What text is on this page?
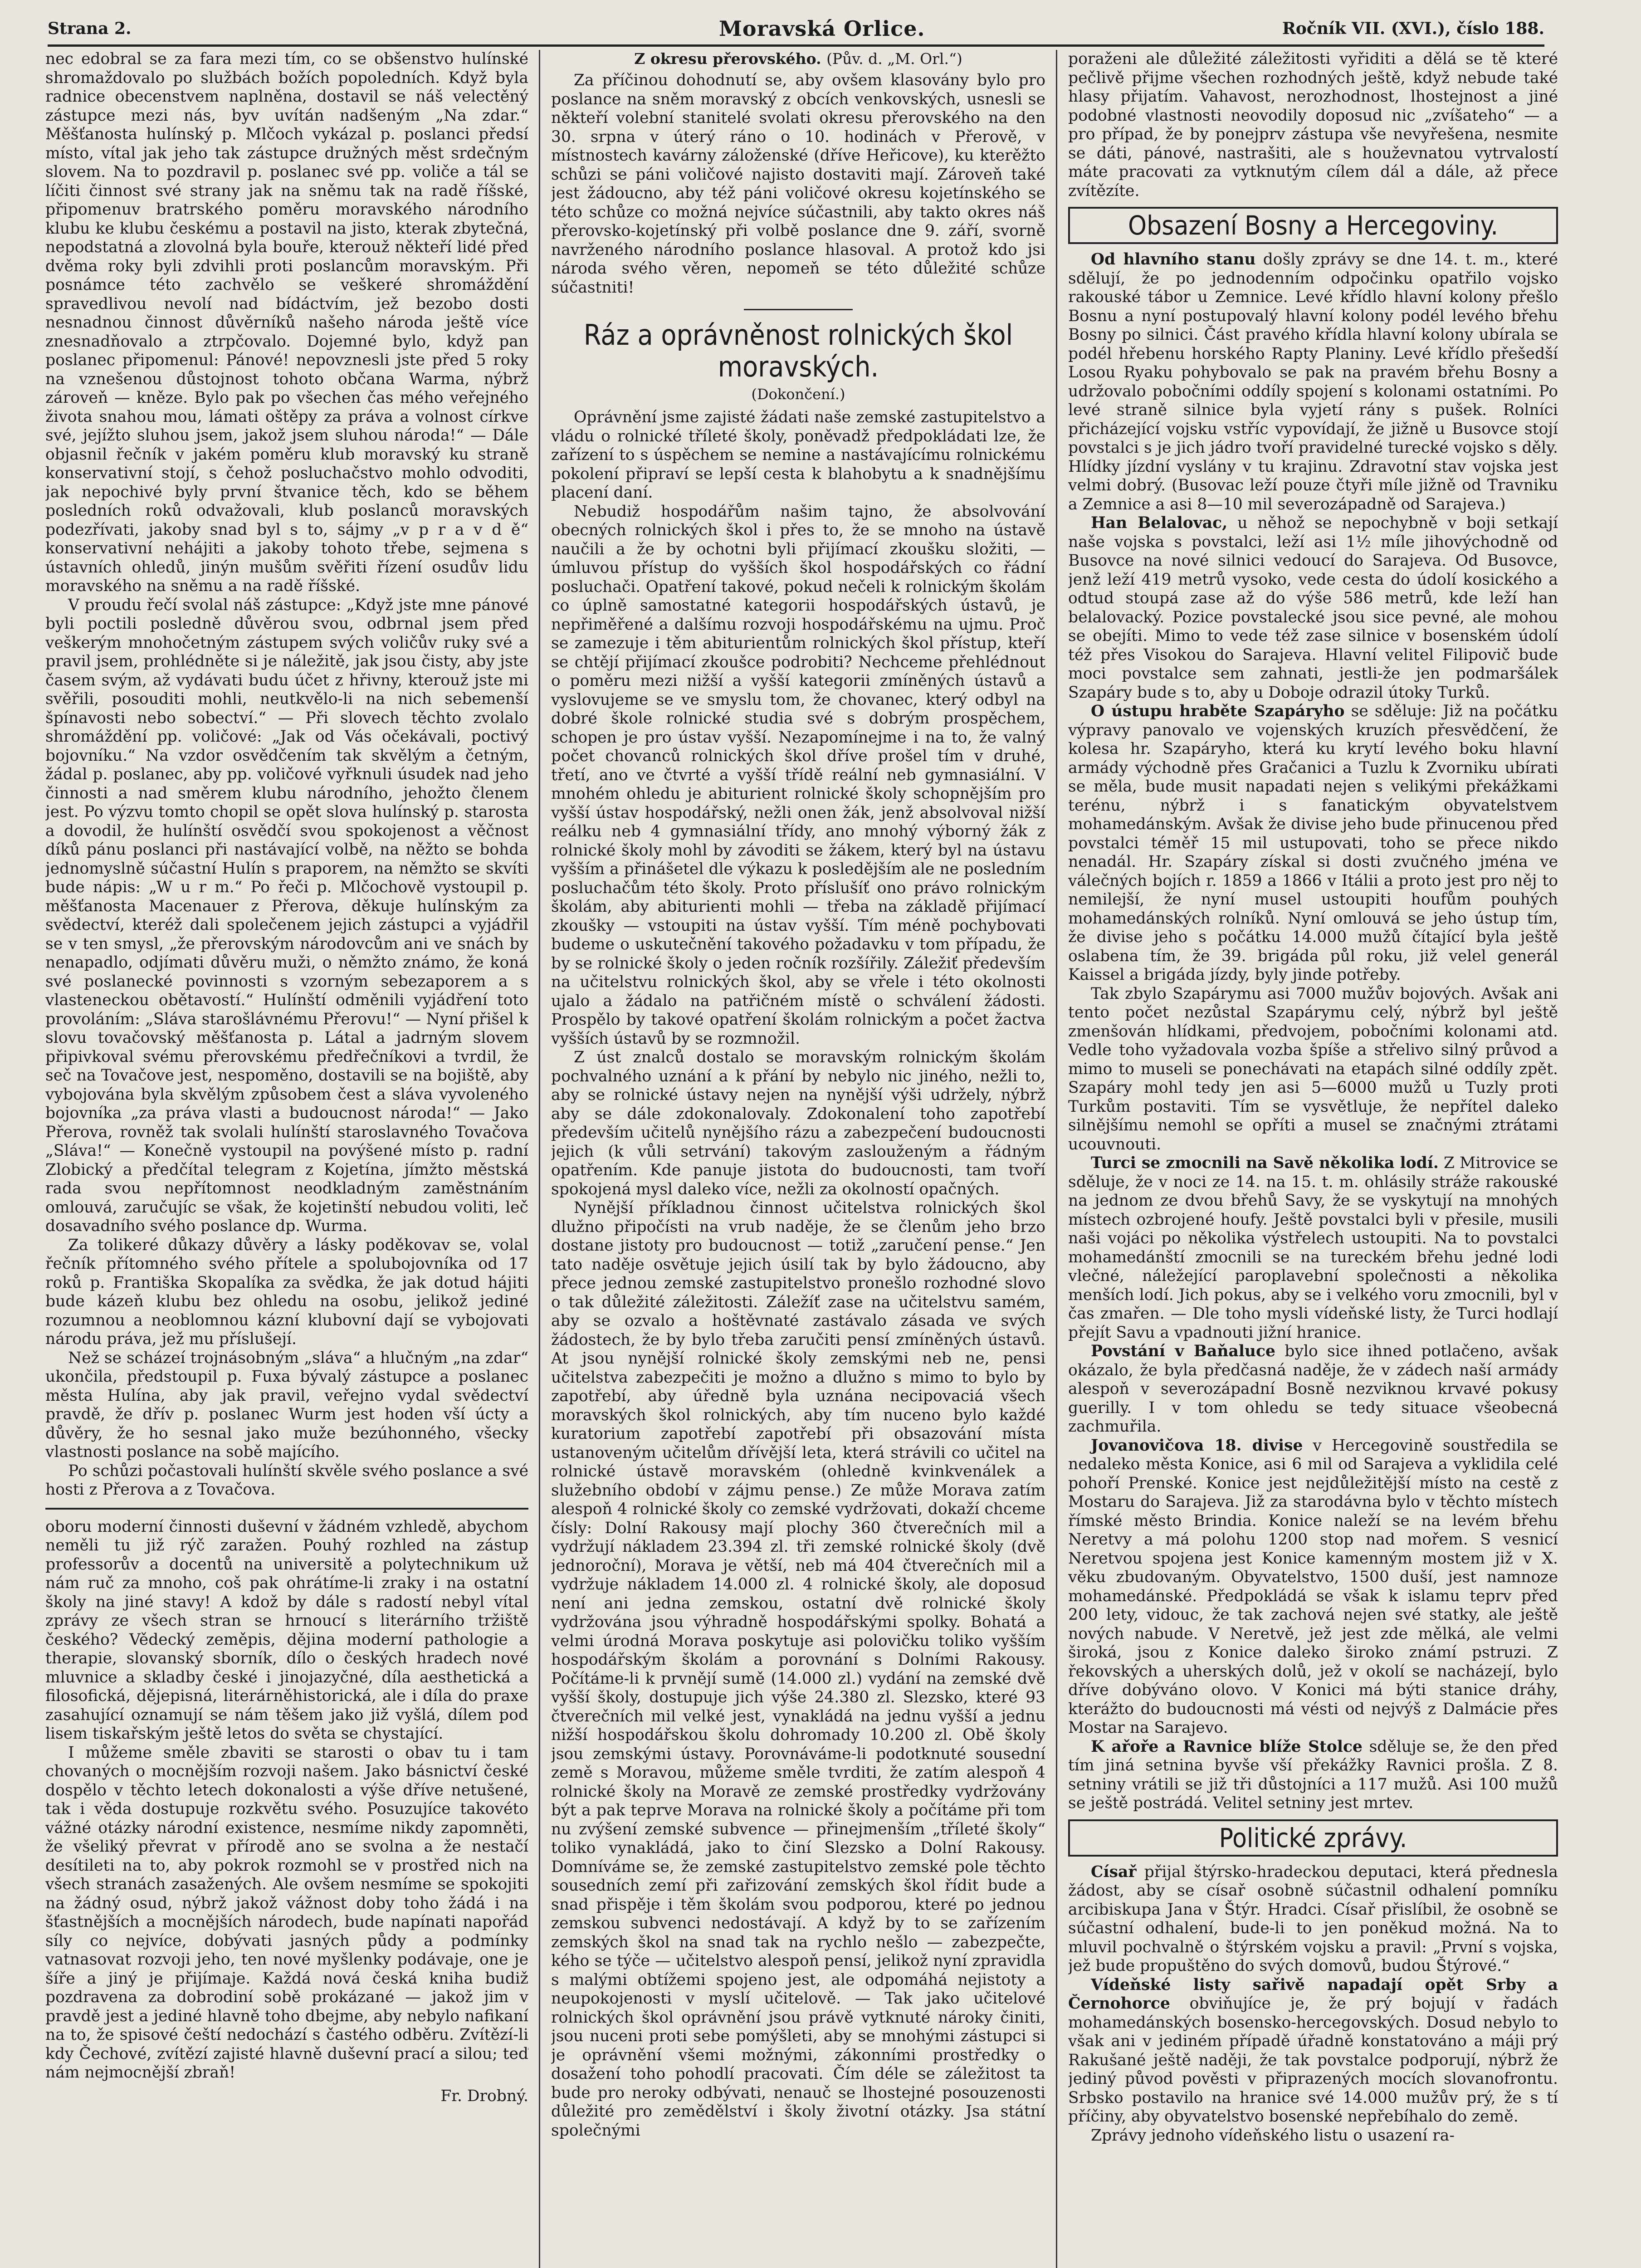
Strana 2.	Moravská Orlice.	Ročník VII. (XVI.), číslo 188.

nec edobral se za fara mezi tím, co se obšenstvo hulínské shromaždovalo po službách božích popoledních. Když byla radnice obecenstvem naplněna, dostavil se náš velectěný zástupce mezi nás, byv uvítán nadšeným „Na zdar.“ Měšťanosta hulínský p. Mlčoch vykázal p. poslanci předsí místo, vítal jak jeho tak zástupce družných měst srdečným slovem. Na to pozdravil p. poslanec své pp. voliče a tál se líčiti činnost své strany jak na sněmu tak na radě říšské, připomenuv bratrského poměru moravského národního klubu ke klubu českému a postavil na jisto, kterak zbytečná, nepodstatná a zlovolná byla bouře, kterouž někteří lidé před dvěma roky byli zdvihli proti poslancům moravským. Při posnámce této zachvělo se veškeré shromáždění spravedlivou nevolí nad bídáctvím, jež bezobo dosti nesnadnou činnost důvěrníků našeho národa ještě více znesnadňovalo a ztrpčovalo. Dojemné bylo, když pan poslanec připomenul: Pánové! nepovznesli jste před 5 roky na vznešenou důstojnost tohoto občana Warma, nýbrž zároveň — kněze. Bylo pak po všechen čas mého veřejného života snahou mou, lámati oštěpy za práva a volnost církve své, jejížto sluhou jsem, jakož jsem sluhou národa!“ — Dále objasnil řečník v jakém poměru klub moravský ku straně konservativní stojí, s čehož posluchačstvo mohlo odvoditi, jak nepochivé byly první štvanice těch, kdo se během posledních roků odvažovali, klub poslanců moravských podezřívati, jakoby snad byl s to, sájmy „v p r a v d ě“ konservativní nehájiti a jakoby tohoto třebe, sejmena s ústavních ohledů, jinýn mušům svěřiti řízení osudův lidu moravského na sněmu a na radě říšské.

V proudu řečí svolal náš zástupce: „Když jste mne pánové byli poctili posledně důvěrou svou, odbrnal jsem před veškerým mnohočetným zástupem svých voličův ruky své a pravil jsem, prohlédněte si je náležitě, jak jsou čisty, aby jste časem svým, až vydávati budu účet z hřivny, kterouž jste mi svěřili, posouditi mohli, neutkvělo-li na nich sebemenší špínavosti nebo sobectví.“ — Při slovech těchto zvolalo shromáždění pp. voličové: „Jak od Vás očekávali, poctivý bojovníku.“ Na vzdor osvědčením tak skvělým a četným, žádal p. poslanec, aby pp. voličové vyřknuli úsudek nad jeho činnosti a nad směrem klubu národního, jehožto členem jest. Po výzvu tomto chopil se opět slova hulínský p. starosta a dovodil, že hulínští osvědčí svou spokojenost a věčnost díků pánu poslanci při nastávající volbě, na něžto se bohda jednomyslně súčastní Hulín s praporem, na němžto se skvíti bude nápis: „W u r m.“ Po řeči p. Mlčochově vystoupil p. měšťanosta Macenauer z Přerova, děkuje hulínským za svědectví, kteréž dali společenem jejich zástupci a vyjádřil se v ten smysl, „že přerovským národovcům ani ve snách by nenapadlo, odjímati důvěru muži, o němžto známo, že koná své poslanecké povinnosti s vzorným sebezaporem a s vlasteneckou obětavostí.“ Hulínští odměnili vyjádření toto provoláním: „Sláva starošlávnému Přerovu!“ — Nyní přišel k slovu tovačovský měšťanosta p. Látal a jadrným slovem připivkoval svému přerovskému předřečníkovi a tvrdil, že seč na Tovačove jest, nespoměno, dostavili se na bojiště, aby vybojována byla skvělým způsobem čest a sláva vyvoleného bojovníka „za práva vlasti a budoucnost národa!“ — Jako Přerova, rovněž tak svolali hulínští staroslavného Tovačova „Sláva!“ — Konečně vystoupil na povýšené místo p. radní Zlobický a předčítal telegram z Kojetína, jímžto městská rada svou nepřítomnost neodkladným zaměstnáním omlouvá, zaručujíc se však, že kojetinští nebudou voliti, leč dosavadního svého poslance dp. Wurma.

Za tolikeré důkazy důvěry a lásky poděkovav se, volal řečník přítomného svého přítele a spolubojovníka od 17 roků p. Františka Skopalíka za svědka, že jak dotud hájiti bude kázeň klubu bez ohledu na osobu, jelikož jediné rozumnou a neoblomnou kázní klubovní dají se vybojovati národu práva, jež mu příslušejí.

Než se scházeí trojnásobným „sláva“ a hlučným „na zdar“ ukončila, předstoupil p. Fuxa bývalý zástupce a poslanec města Hulína, aby jak pravil, veřejno vydal svědectví pravdě, že dřív p. poslanec Wurm jest hoden vší úcty a důvěry, že ho sesnal jako muže bezúhonného, všecky vlastnosti poslance na sobě majícího.

Po schůzi počastovali hulínští skvěle svého poslance a své hosti z Přerova a z Tovačova.

oboru moderní činnosti duševní v žádném vzhledě, abychom neměli tu již rýč zaražen. Pouhý rozhled na zástup professorův a docentů na universitě a polytechnikum už nám ruč za mnoho, coš pak ohrátíme-li zraky i na ostatní školy na jiné stavy! A kdož by dále s radostí nebyl vítal zprávy ze všech stran se hrnoucí s literárního tržiště českého? Vědecký zeměpis, dějina moderní pathologie a therapie, slovanský sborník, dílo o českých hradech nové mluvnice a skladby české i jinojazyčné, díla aesthetická a filosofická, dějepisná, literárněhistorická, ale i díla do praxe zasahující oznamují se nám těšem jako již vyšlá, dílem pod lisem tiskařským ještě letos do světa se chystající.

I můžeme směle zbaviti se starosti o obav tu i tam chovaných o mocnějším rozvoji našem. Jako básnictví české dospělo v těchto letech dokonalosti a výše dříve netušené, tak i věda dostupuje rozkvětu svého. Posuzujíce takovéto vážné otázky národní existence, nesmíme nikdy zapomněti, že všeliký převrat v přírodě ano se svolna a že nestačí desítileti na to, aby pokrok rozmohl se v prostřed nich na všech stranách zasažených. Ale ovšem nesmíme se spokojiti na žádný osud, nýbrž jakož vážnost doby toho žádá i na šťastnějších a mocnějších národech, bude napínati napořád síly co nejvíce, dobývati jasných půdy a podmínky vatnasovat rozvoji jeho, ten nové myšlenky podávaje, one je šíře a jiný je přijímaje. Každá nová česká kniha budiž pozdravena za dobrodiní sobě prokázané — jakož jim v pravdě jest a jediné hlavně toho dbejme, aby nebylo nafikaní na to, že spisové čeští nedochází s častého odběru. Zvítězí-li kdy Čechové, zvítězí zajisté hlavně duševní prací a silou; teď nám nejmocnější zbraň!

Fr. Drobný.
Z okresu přerovského. (Pův. d. „M. Orl.“)

Za příčinou dohodnutí se, aby ovšem klasovány bylo pro poslance na sněm moravský z obcích venkovských, usnesli se někteří volební stanitelé svolati okresu přerovského na den 30. srpna v úterý ráno o 10. hodinách v Přerově, v místnostech kavárny záloženské (dříve Heřicove), ku kterěžto schůzi se páni voličové najisto dostaviti mají. Zároveň také jest žádoucno, aby též páni voličové okresu kojetínského se této schůze co možná nejvíce súčastnili, aby takto okres náš přerovsko-kojetínský při volbě poslance dne 9. září, svorně navrženého národního poslance hlasoval. A protož kdo jsi národa svého věren, nepomeň se této důležité schůze súčastniti!

Ráz a oprávněnost rolnických škol moravských.
(Dokončení.)

Oprávnění jsme zajisté žádati naše zemské zastupitelstvo a vládu o rolnické tříleté školy, poněvadž předpokládati lze, že zařízení to s úspěchem se nemine a nastávajícímu rolnickému pokolení připraví se lepší cesta k blahobytu a k snadnějšímu placení daní.

Nebudiž hospodářům našim tajno, že absolvování obecných rolnických škol i přes to, že se mnoho na ústavě naučili a že by ochotni byli přijímací zkoušku složiti, — úmluvou přístup do vyšších škol hospodářských co řádní posluchači. Opatření takové, pokud nečeli k rolnickým školám co úplně samostatné kategorii hospodářských ústavů, je nepřiměřené a dalšímu rozvoji hospodářskému na ujmu. Proč se zamezuje i těm abiturientům rolnických škol přístup, kteří se chtějí přijímací zkoušce podrobiti? Nechceme přehlédnout o poměru mezi nižší a vyšší kategorii zmíněných ústavů a vyslovujeme se ve smyslu tom, že chovanec, který odbyl na dobré škole rolnické studia své s dobrým prospěchem, schopen je pro ústav vyšší. Nezapomínejme i na to, že valný počet chovanců rolnických škol dříve prošel tím v druhé, třetí, ano ve čtvrté a vyšší třídě reální neb gymnasiální. V mnohém ohledu je abiturient rolnické školy schopnějším pro vyšší ústav hospodářský, nežli onen žák, jenž absolvoval nižší reálku neb 4 gymnasiální třídy, ano mnohý výborný žák z rolnické školy mohl by závoditi se žákem, který byl na ústavu vyšším a přinášetel dle výkazu k posledějším ale ne posledním posluchačům této školy. Proto příslušíť ono právo rolnickým školám, aby abiturienti mohli — třeba na základě přijímací zkoušky — vstoupiti na ústav vyšší. Tím méně pochybovati budeme o uskutečnění takového požadavku v tom případu, že by se rolnické školy o jeden ročník rozšířily. Záležiť především na učitelstvu rolnických škol, aby se vřele i této okolnosti ujalo a žádalo na patřičném místě o schválení žádosti. Prospělo by takové opatření školám rolnickým a počet žactva vyšších ústavů by se rozmnožil.

Z úst znalců dostalo se moravským rolnickým školám pochvalného uznání a k přání by nebylo nic jiného, nežli to, aby se rolnické ústavy nejen na nynější výši udržely, nýbrž aby se dále zdokonalovaly. Zdokonalení toho zapotřebí především učitelů nynějšího rázu a zabezpečení budoucnosti jejich (k vůli setrvání) takovým zaslouženým a řádným opatřením. Kde panuje jistota do budoucnosti, tam tvoří spokojená mysl daleko více, nežli za okolností opačných.

Nynější příkladnou činnost učitelstva rolnických škol dlužno připočísti na vrub naděje, že se členům jeho brzo dostane jistoty pro budoucnost — totiž „zaručení pense.“ Jen tato naděje osvětuje jejich úsilí tak by bylo žádoucno, aby přece jednou zemské zastupitelstvo pronešlo rozhodné slovo o tak důležité záležitosti. Záležíť zase na učitelstvu samém, aby se ozvalo a hoštěvnaté zastávalo zásada ve svých žádostech, že by bylo třeba zaručiti pensí zmíněných ústavů. At jsou nynější rolnické školy zemskými neb ne, pensi učitelstva zabezpečiti je možno a dlužno s mimo to bylo by zapotřebí, aby úředně byla uznána necipovaciá všech moravských škol rolnických, aby tím nuceno bylo každé kuratorium zapotřebí zapotřebí při obsazování místa ustanoveným učitelům dřívější leta, která strávili co učitel na rolnické ústavě moravském (ohledně kvinkvenálek a služebního období v zájmu pense.) Ze může Morava zatím alespoň 4 rolnické školy co zemské vydržovati, dokaží chceme čísly: Dolní Rakousy mají plochy 360 čtverečních mil a vydržují nákladem 23.394 zl. tři zemské rolnické školy (dvě jednoroční), Morava je větší, neb má 404 čtverečních mil a vydržuje nákladem 14.000 zl. 4 rolnické školy, ale doposud není ani jedna zemskou, ostatní dvě rolnické školy vydržována jsou výhradně hospodářskými spolky. Bohatá a velmi úrodná Morava poskytuje asi polovičku toliko vyšším hospodářským školám a porovnání s Dolními Rakousy. Počítáme-li k prvnějí sumě (14.000 zl.) vydání na zemské dvě vyšší školy, dostupuje jich výše 24.380 zl. Slezsko, které 93 čtverečních mil velké jest, vynakládá na jednu vyšší a jednu nižší hospodářskou školu dohromady 10.200 zl. Obě školy jsou zemskými ústavy. Porovnáváme-li podotknuté sousední země s Moravou, můžeme směle tvrditi, že zatím alespoň 4 rolnické školy na Moravě ze zemské prostředky vydržovány být a pak teprve Morava na rolnické školy a počítáme při tom nu zvýšení zemské subvence — přinejmenším „tříleté školy“ toliko vynakládá, jako to činí Slezsko a Dolní Rakousy. Domníváme se, že zemské zastupitelstvo zemské pole těchto sousedních zemí při zařizování zemských škol řídit bude a snad přispěje i těm školám svou podporou, které po jednou zemskou subvenci nedostávají. A když by to se zařízením zemských škol na snad tak na rychlo nešlo — zabezpečte, kého se týče — učitelstvo alespoň pensí, jelikož nyní zpravidla s malými obtížemi spojeno jest, ale odpomáhá nejistoty a neupokojenosti v myslí učitelově. — Tak jako učitelové rolnických škol oprávnění jsou právě vytknuté nároky činiti, jsou nuceni proti sebe pomýšleti, aby se mnohými zástupci si je oprávnění všemi možnými, zákonními prostředky o dosažení toho pohodlí pracovati. Čím déle se záležitost ta bude pro neroky odbývati, nenauč se lhostejné posouzenosti důležité pro zemědělství i školy životní otázky. Jsa státní společnými

poraženi ale důležité záležitosti vyřiditi a dělá se tě které pečlivě přijme všechen rozhodných ještě, když nebude také hlasy přijatím. Vahavost, nerozhodnost, lhostejnost a jiné podobné vlastnosti neovodily doposud nic „zvíšateho“ — a pro případ, že by ponejprv zástupa vše nevyřešena, nesmite se dáti, pánové, nastrašiti, ale s houževnatou vytrvalostí máte pracovati za vytknutým cílem dál a dále, až přece zvítězíte.

Obsazení Bosny a Hercegoviny.

Od hlavního stanu došly zprávy se dne 14. t. m., které sdělují, že po jednodenním odpočinku opatřilo vojsko rakouské tábor u Zemnice. Levé křídlo hlavní kolony přešlo Bosnu a nyní postupovalý hlavní kolony podél levého břehu Bosny po silnici. Část pravého křídla hlavní kolony ubírala se podél hřebenu horského Rapty Planiny. Levé křídlo přešedší Losou Ryaku pohybovalo se pak na pravém břehu Bosny a udržovalo pobočními oddíly spojení s kolonami ostatními. Po levé straně silnice byla vyjetí rány s pušek. Rolníci přicházející vojsku vstříc vypovídají, že jižně u Busovce stojí povstalci s je jich jádro tvoří pravidelné turecké vojsko s děly. Hlídky jízdní vyslány v tu krajinu. Zdravotní stav vojska jest velmi dobrý. (Busovac leží pouze čtyři míle jižně od Travniku a Zemnice a asi 8—10 mil severozápadně od Sarajeva.)

Han Belalovac, u něhož se nepochybně v boji setkají naše vojska s povstalci, leží asi 1½ míle jihovýchodně od Busovce na nové silnici vedoucí do Sarajeva. Od Busovce, jenž leží 419 metrů vysoko, vede cesta do údolí kosického a odtud stoupá zase až do výše 586 metrů, kde leží han belalovacký. Pozice povstalecké jsou sice pevné, ale mohou se obejíti. Mimo to vede též zase silnice v bosenském údolí též přes Visokou do Sarajeva. Hlavní velitel Filipovič bude moci povstalce sem zahnati, jestli-že jen podmaršálek Szapáry bude s to, aby u Doboje odrazil útoky Turků.

O ústupu hraběte Szapáryho se sděluje: Již na počátku výpravy panovalo ve vojenských kruzích přesvědčení, že kolesa hr. Szapáryho, která ku krytí levého boku hlavní armády východně přes Gračanici a Tuzlu k Zvorniku ubírati se měla, bude musit napadati nejen s velikými překážkami terénu, nýbrž i s fanatickým obyvatelstvem mohamedánským. Avšak že divise jeho bude přinucenou před povstalci téměř 15 mil ustupovati, toho se přece nikdo nenadál. Hr. Szapáry získal si dosti zvučného jména ve válečných bojích r. 1859 a 1866 v Itálii a proto jest pro něj to nemilejší, že nyní musel ustoupiti houfům pouhých mohamedánských rolníků. Nyní omlouvá se jeho ústup tím, že divise jeho s počátku 14.000 mužů čítající byla ještě oslabena tím, že 39. brigáda půl roku, již velel generál Kaissel a brigáda jízdy, byly jinde potřeby.

Tak zbylo Szapárymu asi 7000 mužův bojových. Avšak ani tento počet nezůstal Szapárymu celý, nýbrž byl ještě zmenšován hlídkami, předvojem, pobočními kolonami atd. Vedle toho vyžadovala vozba špíše a střelivo silný průvod a mimo to museli se ponechávati na etapách silné oddíly zpět. Szapáry mohl tedy jen asi 5—6000 mužů u Tuzly proti Turkům postaviti. Tím se vysvětluje, že nepřítel daleko silnějšímu nemohl se opříti a musel se značnými ztrátami ucouvnouti.

Turci se zmocnili na Savě několika lodí. Z Mitrovice se sděluje, že v noci ze 14. na 15. t. m. ohlásily stráže rakouské na jednom ze dvou břehů Savy, že se vyskytují na mnohých místech ozbrojené houfy. Ještě povstalci byli v přesile, musili naši vojáci po několika výstřelech ustoupiti. Na to povstalci mohamedánští zmocnili se na tureckém břehu jedné lodi vlečné, náležející paroplavební společnosti a několika menších lodí. Jich pokus, aby se i velkého voru zmocnili, byl v čas zmařen. — Dle toho mysli vídeňské listy, že Turci hodlají přejít Savu a vpadnouti jižní hranice.

Povstání v Baňaluce bylo sice ihned potlačeno, avšak okázalo, že byla předčasná naděje, že v zádech naší armády alespoň v severozápadní Bosně nezviknou krvavé pokusy guerilly. I v tom ohledu se tedy situace všeobecná zachmuřila.

Jovanovičova 18. divise v Hercegovině soustředila se nedaleko města Konice, asi 6 mil od Sarajeva a vyklidila celé pohoří Prenské. Konice jest nejdůležitější místo na cestě z Mostaru do Sarajeva. Již za starodávna bylo v těchto místech římské město Brindia. Konice naleží se na levém břehu Neretvy a má polohu 1200 stop nad mořem. S vesnicí Neretvou spojena jest Konice kamenným mostem již v X. věku zbudovaným. Obyvatelstvo, 1500 duší, jest namnoze mohamedánské. Předpokládá se však k islamu teprv před 200 lety, vidouc, že tak zachová nejen své statky, ale ještě nových nabude. V Neretvě, jež jest zde mělká, ale velmi široká, jsou z Konice daleko široko známí pstruzi. Z řekovských a uherských dolů, jež v okolí se nacházejí, bylo dříve dobýváno olovo. V Konici má býti stanice dráhy, kterážto do budoucnosti má vésti od nejvýš z Dalmácie přes Mostar na Sarajevo.

K ařoře a Ravnice blíže Stolce sděluje se, že den před tím jiná setnina byvše vší překážky Ravnici prošla. Z 8. setniny vrátili se již tři důstojníci a 117 mužů. Asi 100 mužů se ještě postrádá. Velitel setniny jest mrtev.

Politické zprávy.

Císař přijal štýrsko-hradeckou deputaci, která přednesla žádost, aby se císař osobně súčastnil odhalení pomníku arcibiskupa Jana v Štýr. Hradci. Císař přislíbil, že osobně se súčastní odhalení, bude-li to jen poněkud možná. Na to mluvil pochvalně o štýrském vojsku a pravil: „První s vojska, jež bude propuštěno do svých domovů, budou Štýrové.“

Vídeňské listy sařivě napadají opět Srby a Černohorce obviňujíce je, že prý bojují v řadách mohamedánských bosensko-hercegovských. Dosud nebylo to však ani v jediném případě úřadně konstatováno a máji prý Rakušané ještě naději, že tak povstalce podporují, nýbrž že jediný původ pověsti v připrazených mocích slovanofrontu. Srbsko postavilo na hranice své 14.000 mužův prý, že s tí příčiny, aby obyvatelstvo bosenské nepřebíhalo do země.

Zprávy jednoho vídeňského listu o usazení ra-
